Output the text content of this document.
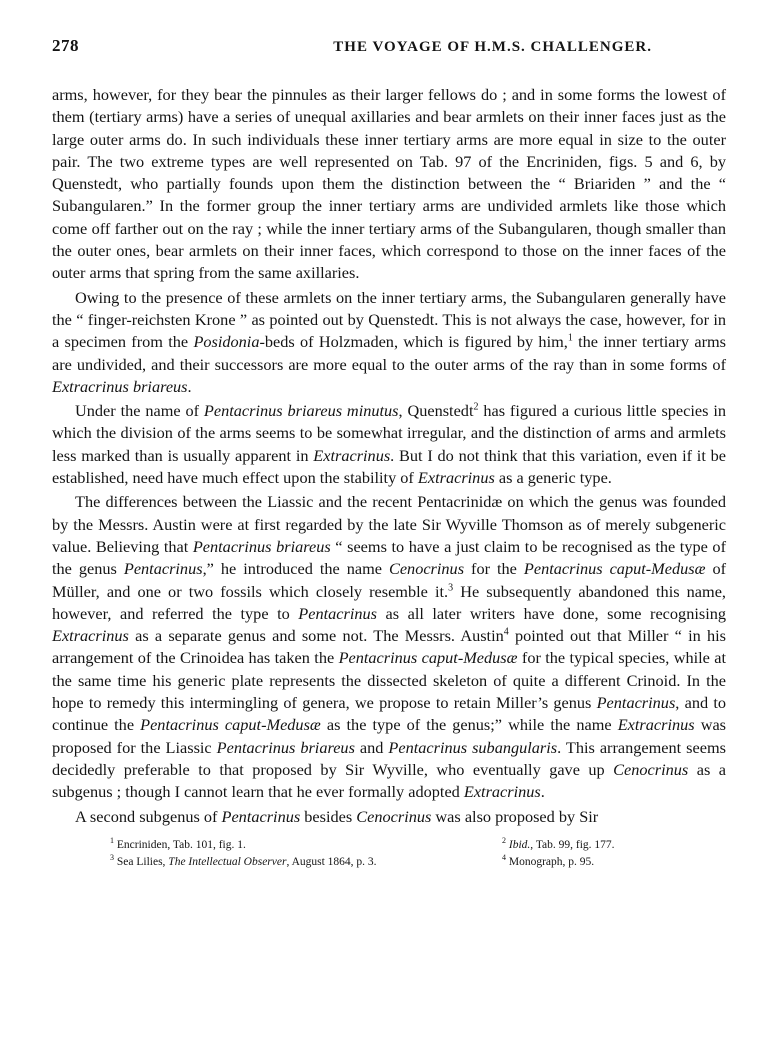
278	THE VOYAGE OF H.M.S. CHALLENGER.

arms, however, for they bear the pinnules as their larger fellows do ; and in some forms the lowest of them (tertiary arms) have a series of unequal axillaries and bear armlets on their inner faces just as the large outer arms do. In such individuals these inner tertiary arms are more equal in size to the outer pair. The two extreme types are well represented on Tab. 97 of the Encriniden, figs. 5 and 6, by Quenstedt, who partially founds upon them the distinction between the “ Briariden ” and the “ Subangularen.” In the former group the inner tertiary arms are undivided armlets like those which come off farther out on the ray ; while the inner tertiary arms of the Subangularen, though smaller than the outer ones, bear armlets on their inner faces, which correspond to those on the inner faces of the outer arms that spring from the same axillaries.

Owing to the presence of these armlets on the inner tertiary arms, the Subangularen generally have the “ finger-reichsten Krone ” as pointed out by Quenstedt. This is not always the case, however, for in a specimen from the Posidonia-beds of Holzmaden, which is figured by him,$^1$ the inner tertiary arms are undivided, and their successors are more equal to the outer arms of the ray than in some forms of Extracrinus briareus.

Under the name of Pentacrinus briareus minutus, Quenstedt$^2$ has figured a curious little species in which the division of the arms seems to be somewhat irregular, and the distinction of arms and armlets less marked than is usually apparent in Extracrinus. But I do not think that this variation, even if it be established, need have much effect upon the stability of Extracrinus as a generic type.

The differences between the Liassic and the recent Pentacrinidæ on which the genus was founded by the Messrs. Austin were at first regarded by the late Sir Wyville Thomson as of merely subgeneric value. Believing that Pentacrinus briareus “ seems to have a just claim to be recognised as the type of the genus Pentacrinus,” he introduced the name Cenocrinus for the Pentacrinus caput-Medusæ of Müller, and one or two fossils which closely resemble it.$^3$ He subsequently abandoned this name, however, and referred the type to Pentacrinus as all later writers have done, some recognising Extracrinus as a separate genus and some not. The Messrs. Austin$^4$ pointed out that Miller “ in his arrangement of the Crinoidea has taken the Pentacrinus caput-Medusæ for the typical species, while at the same time his generic plate represents the dissected skeleton of quite a different Crinoid. In the hope to remedy this intermingling of genera, we propose to retain Miller’s genus Pentacrinus, and to continue the Pentacrinus caput-Medusæ as the type of the genus;” while the name Extracrinus was proposed for the Liassic Pentacrinus briareus and Pentacrinus subangularis. This arrangement seems decidedly preferable to that proposed by Sir Wyville, who eventually gave up Cenocrinus as a subgenus ; though I cannot learn that he ever formally adopted Extracrinus.

A second subgenus of Pentacrinus besides Cenocrinus was also proposed by Sir

$^1$ Encriniden, Tab. 101, fig. 1.	$^2$ Ibid., Tab. 99, fig. 177.
$^3$ Sea Lilies, The Intellectual Observer, August 1864, p. 3.	$^4$ Monograph, p. 95.
